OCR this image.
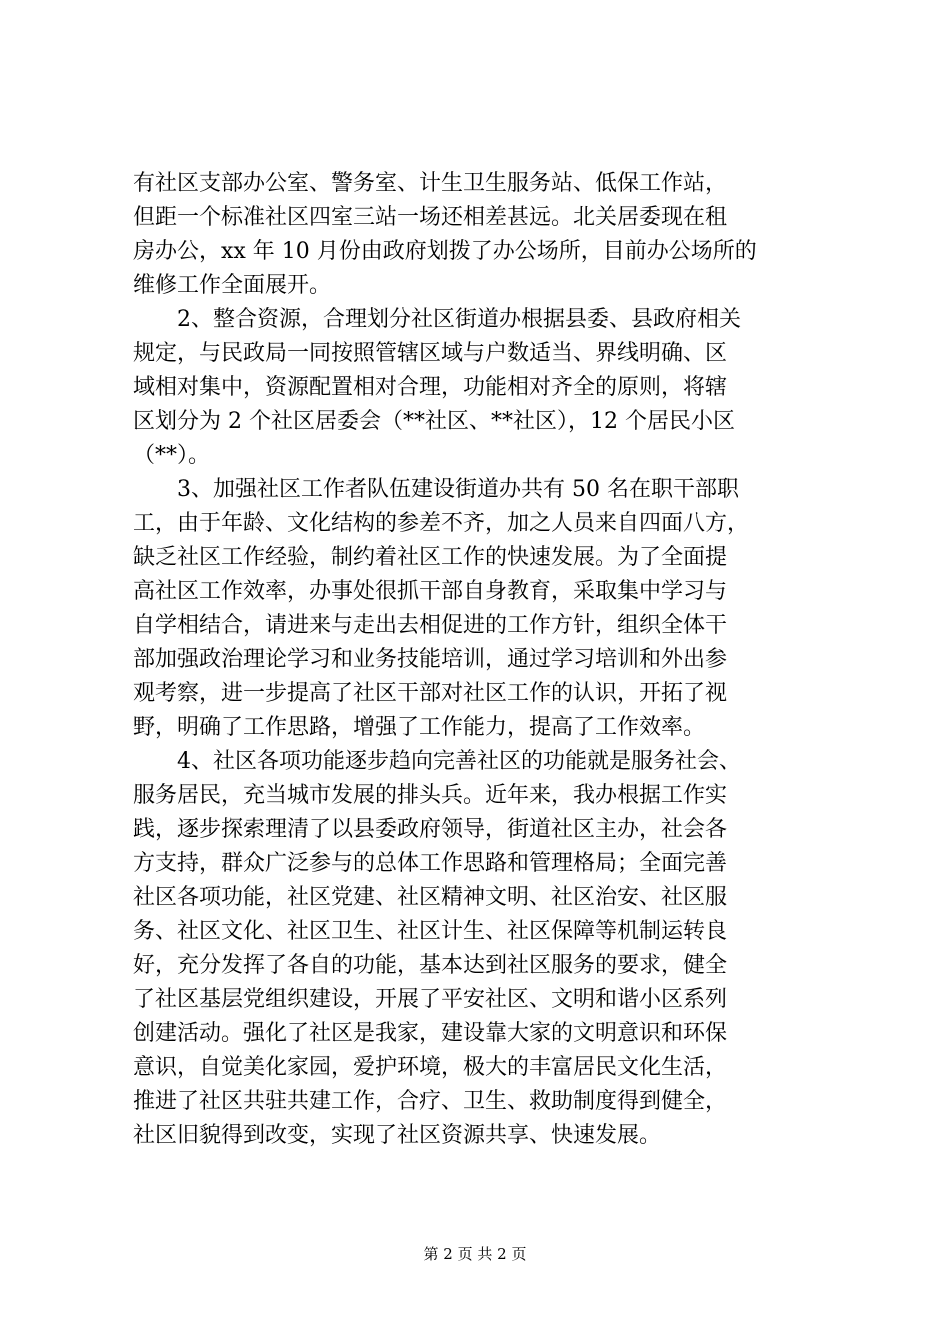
有社区支部办公室、警务室、计生卫生服务站、低保工作站，
但距一个标准社区四室三站一场还相差甚远。北关居委现在租
房办公，xx 年 10 月份由政府划拨了办公场所，目前办公场所的
维修工作全面展开。
　　2、整合资源，合理划分社区街道办根据县委、县政府相关
规定，与民政局一同按照管辖区域与户数适当、界线明确、区
域相对集中，资源配置相对合理，功能相对齐全的原则，将辖
区划分为 2 个社区居委会（**社区、**社区），12 个居民小区
（**）。
　　3、加强社区工作者队伍建设街道办共有 50 名在职干部职
工，由于年龄、文化结构的参差不齐，加之人员来自四面八方，
缺乏社区工作经验，制约着社区工作的快速发展。为了全面提
高社区工作效率，办事处很抓干部自身教育，采取集中学习与
自学相结合，请进来与走出去相促进的工作方针，组织全体干
部加强政治理论学习和业务技能培训，通过学习培训和外出参
观考察，进一步提高了社区干部对社区工作的认识，开拓了视
野，明确了工作思路，增强了工作能力，提高了工作效率。
　　4、社区各项功能逐步趋向完善社区的功能就是服务社会、
服务居民，充当城市发展的排头兵。近年来，我办根据工作实
践，逐步探索理清了以县委政府领导，街道社区主办，社会各
方支持，群众广泛参与的总体工作思路和管理格局；全面完善
社区各项功能，社区党建、社区精神文明、社区治安、社区服
务、社区文化、社区卫生、社区计生、社区保障等机制运转良
好，充分发挥了各自的功能，基本达到社区服务的要求，健全
了社区基层党组织建设，开展了平安社区、文明和谐小区系列
创建活动。强化了社区是我家，建设靠大家的文明意识和环保
意识，自觉美化家园，爱护环境，极大的丰富居民文化生活，
推进了社区共驻共建工作，合疗、卫生、救助制度得到健全，
社区旧貌得到改变，实现了社区资源共享、快速发展。
第 2 页 共 2 页
